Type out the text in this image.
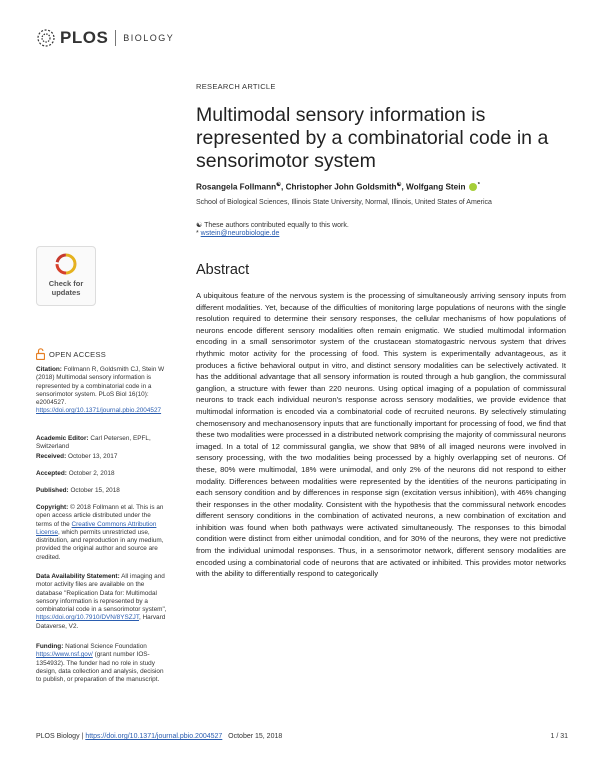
PLOS BIOLOGY
RESEARCH ARTICLE
Multimodal sensory information is represented by a combinatorial code in a sensorimotor system
Rosangela Follmann☯, Christopher John Goldsmith☯, Wolfgang Stein *
School of Biological Sciences, Illinois State University, Normal, Illinois, United States of America
☯ These authors contributed equally to this work.
* wstein@neurobiologie.de
Check for
updates
OPEN ACCESS
Citation: Follmann R, Goldsmith CJ, Stein W (2018) Multimodal sensory information is represented by a combinatorial code in a sensorimotor system. PLoS Biol 16(10): e2004527. https://doi.org/10.1371/journal.pbio.2004527
Academic Editor: Carl Petersen, EPFL, Switzerland
Received: October 13, 2017
Accepted: October 2, 2018
Published: October 15, 2018
Copyright: © 2018 Follmann et al. This is an open access article distributed under the terms of the Creative Commons Attribution License, which permits unrestricted use, distribution, and reproduction in any medium, provided the original author and source are credited.
Data Availability Statement: All imaging and motor activity files are available on the database "Replication Data for: Multimodal sensory information is represented by a combinatorial code in a sensorimotor system", https://doi.org/10.7910/DVN/8YSZJT, Harvard Dataverse, V2.
Funding: National Science Foundation https://www.nsf.gov/ (grant number IOS-1354932). The funder had no role in study design, data collection and analysis, decision to publish, or preparation of the manuscript.
Abstract

A ubiquitous feature of the nervous system is the processing of simultaneously arriving sensory inputs from different modalities. Yet, because of the difficulties of monitoring large populations of neurons with the single resolution required to determine their sensory responses, the cellular mechanisms of how populations of neurons encode different sensory modalities often remain enigmatic. We studied multimodal information encoding in a small sensorimotor system of the crustacean stomatogastric nervous system that drives rhythmic motor activity for the processing of food. This system is experimentally advantageous, as it produces a fictive behavioral output in vitro, and distinct sensory modalities can be selectively activated. It has the additional advantage that all sensory information is routed through a hub ganglion, the commissural ganglion, a structure with fewer than 220 neurons. Using optical imaging of a population of commissural neurons to track each individual neuron's response across sensory modalities, we provide evidence that multimodal information is encoded via a combinatorial code of recruited neurons. By selectively stimulating chemosensory and mechanosensory inputs that are functionally important for processing of food, we find that these two modalities were processed in a distributed network comprising the majority of commissural neurons imaged. In a total of 12 commissural ganglia, we show that 98% of all imaged neurons were involved in sensory processing, with the two modalities being processed by a highly overlapping set of neurons. Of these, 80% were multimodal, 18% were unimodal, and only 2% of the neurons did not respond to either modality. Differences between modalities were represented by the identities of the neurons participating in each sensory condition and by differences in response sign (excitation versus inhibition), with 46% changing their responses in the other modality. Consistent with the hypothesis that the commissural network encodes different sensory conditions in the combination of activated neurons, a new combination of excitation and inhibition was found when both pathways were activated simultaneously. The responses to this bimodal condition were distinct from either unimodal condition, and for 30% of the neurons, they were not predictive from the individual unimodal responses. Thus, in a sensorimotor network, different sensory modalities are encoded using a combinatorial code of neurons that are activated or inhibited. This provides motor networks with the ability to differentially respond to categorically

PLOS Biology | https://doi.org/10.1371/journal.pbio.2004527 October 15, 2018	1 / 31
